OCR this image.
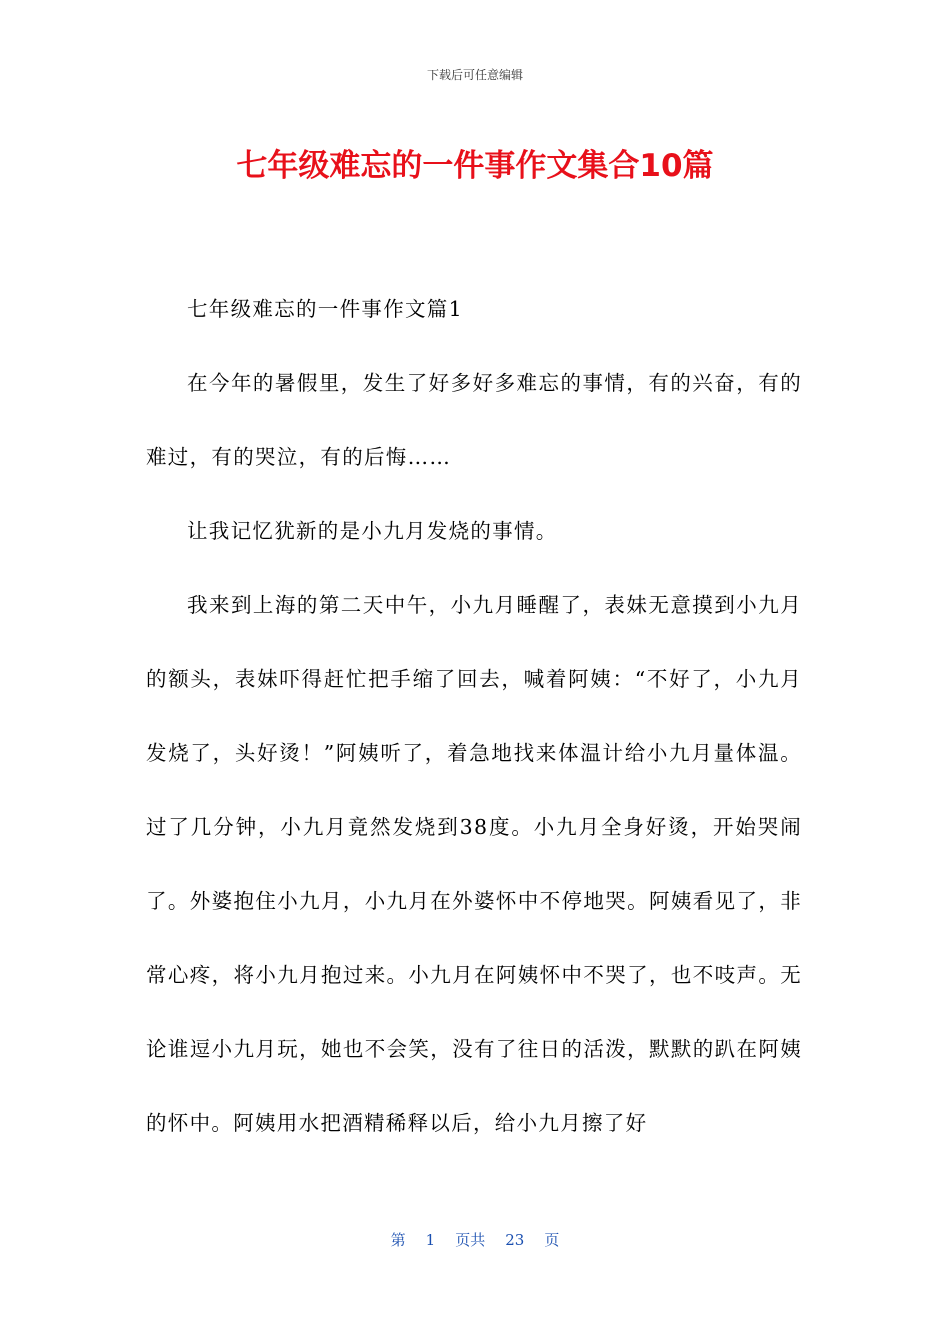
下载后可任意编辑
七年级难忘的一件事作文集合10篇

七年级难忘的一件事作文篇1

在今年的暑假里，发生了好多好多难忘的事情，有的兴奋，有的难过，有的哭泣，有的后悔……

让我记忆犹新的是小九月发烧的事情。

我来到上海的第二天中午，小九月睡醒了，表妹无意摸到小九月的额头，表妹吓得赶忙把手缩了回去，喊着阿姨：“不好了，小九月发烧了，头好烫！”阿姨听了，着急地找来体温计给小九月量体温。过了几分钟，小九月竟然发烧到38度。小九月全身好烫，开始哭闹了。外婆抱住小九月，小九月在外婆怀中不停地哭。阿姨看见了，非常心疼，将小九月抱过来。小九月在阿姨怀中不哭了，也不吱声。无论谁逗小九月玩，她也不会笑，没有了往日的活泼，默默的趴在阿姨的怀中。阿姨用水把酒精稀释以后，给小九月擦了好

第 1 页共 23 页
